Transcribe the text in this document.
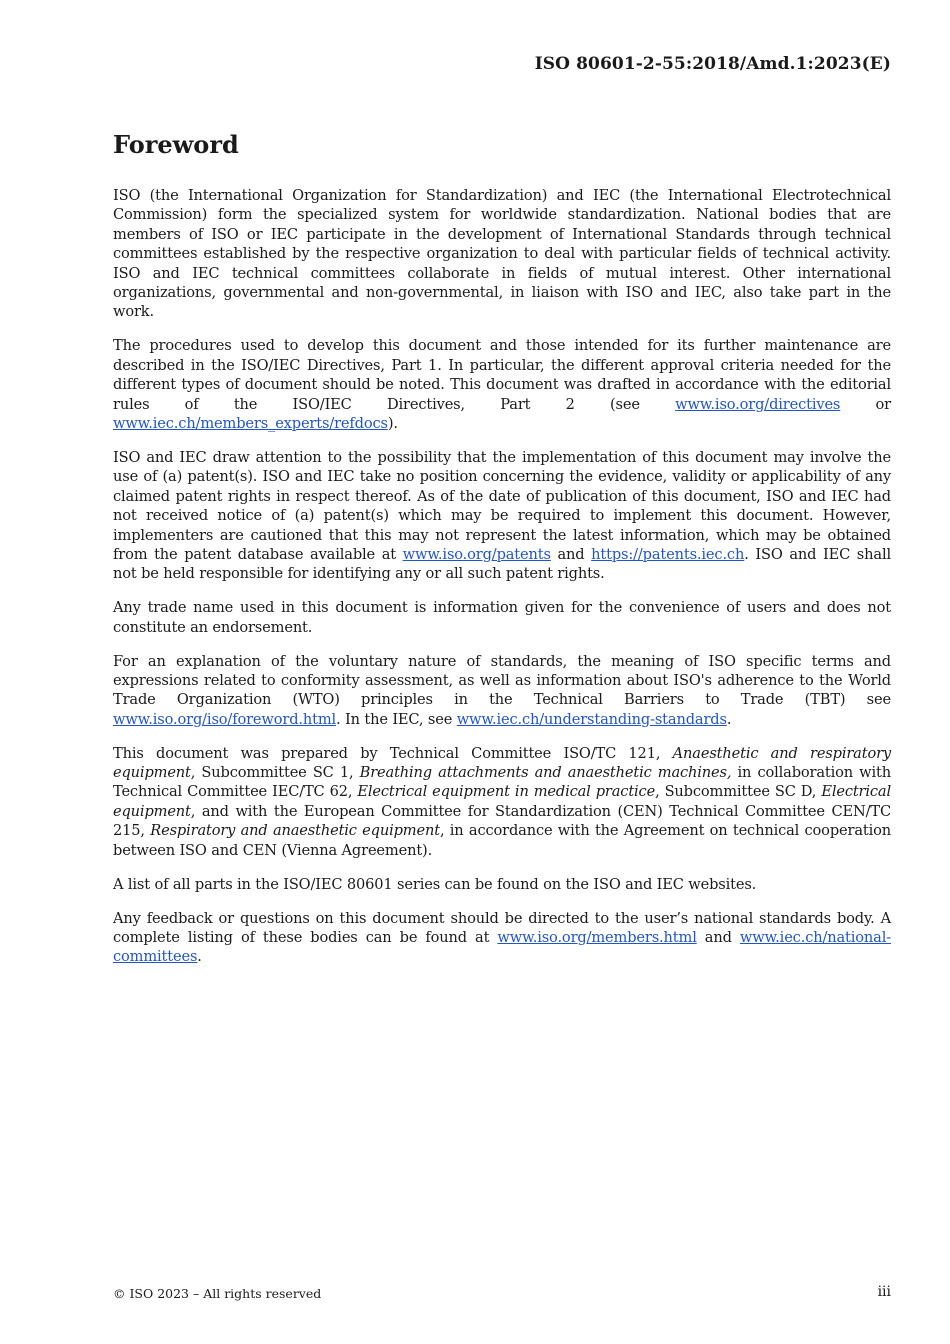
ISO 80601-2-55:2018/Amd.1:2023(E)
Foreword

ISO (the International Organization for Standardization) and IEC (the International Electrotechnical Commission) form the specialized system for worldwide standardization. National bodies that are members of ISO or IEC participate in the development of International Standards through technical committees established by the respective organization to deal with particular fields of technical activity. ISO and IEC technical committees collaborate in fields of mutual interest. Other international organizations, governmental and non-governmental, in liaison with ISO and IEC, also take part in the work.

The procedures used to develop this document and those intended for its further maintenance are described in the ISO/IEC Directives, Part 1. In particular, the different approval criteria needed for the different types of document should be noted. This document was drafted in accordance with the editorial rules of the ISO/IEC Directives, Part 2 (see www.iso.org/directives or www.iec.ch/members_experts/refdocs).

ISO and IEC draw attention to the possibility that the implementation of this document may involve the use of (a) patent(s). ISO and IEC take no position concerning the evidence, validity or applicability of any claimed patent rights in respect thereof. As of the date of publication of this document, ISO and IEC had not received notice of (a) patent(s) which may be required to implement this document. However, implementers are cautioned that this may not represent the latest information, which may be obtained from the patent database available at www.iso.org/patents and https://patents.iec.ch. ISO and IEC shall not be held responsible for identifying any or all such patent rights.

Any trade name used in this document is information given for the convenience of users and does not constitute an endorsement.

For an explanation of the voluntary nature of standards, the meaning of ISO specific terms and expressions related to conformity assessment, as well as information about ISO's adherence to the World Trade Organization (WTO) principles in the Technical Barriers to Trade (TBT) see www.iso.org/iso/foreword.html. In the IEC, see www.iec.ch/understanding-standards.

This document was prepared by Technical Committee ISO/TC 121, Anaesthetic and respiratory equipment, Subcommittee SC 1, Breathing attachments and anaesthetic machines, in collaboration with Technical Committee IEC/TC 62, Electrical equipment in medical practice, Subcommittee SC D, Electrical equipment, and with the European Committee for Standardization (CEN) Technical Committee CEN/TC 215, Respiratory and anaesthetic equipment, in accordance with the Agreement on technical cooperation between ISO and CEN (Vienna Agreement).

A list of all parts in the ISO/IEC 80601 series can be found on the ISO and IEC websites.

Any feedback or questions on this document should be directed to the user’s national standards body. A complete listing of these bodies can be found at www.iso.org/members.html and www.iec.ch/national-committees.

© ISO 2023 – All rights reserved	iii
